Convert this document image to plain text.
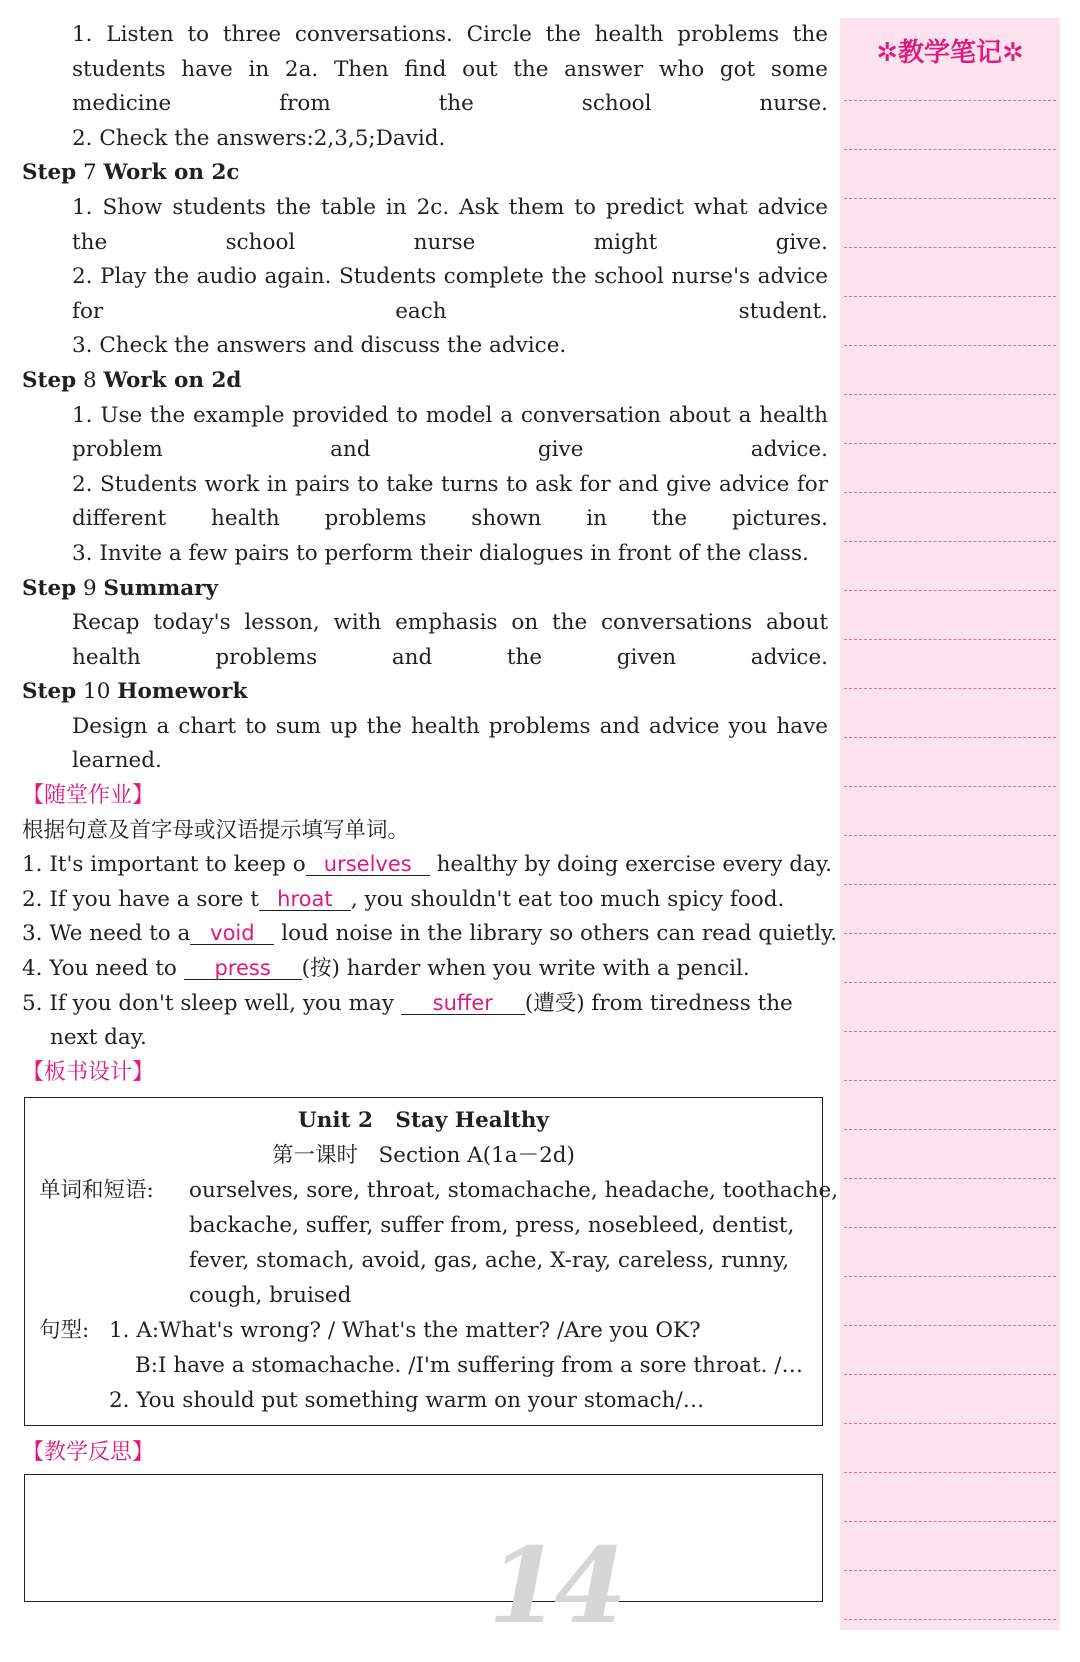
1. Listen to three conversations. Circle the health problems the students have in 2a. Then find out the answer who got some medicine from the school nurse.
2. Check the answers:2,3,5;David.
Step 7 Work on 2c
1. Show students the table in 2c. Ask them to predict what advice the school nurse might give.
2. Play the audio again. Students complete the school nurse's advice for each student.
3. Check the answers and discuss the advice.
Step 8 Work on 2d
1. Use the example provided to model a conversation about a health problem and give advice.
2. Students work in pairs to take turns to ask for and give advice for different health problems shown in the pictures.
3. Invite a few pairs to perform their dialogues in front of the class.
Step 9 Summary
Recap today's lesson, with emphasis on the conversations about health problems and the given advice.
Step 10 Homework
Design a chart to sum up the health problems and advice you have learned.
【随堂作业】
根据句意及首字母或汉语提示填写单词。
1. It's important to keep o urselves healthy by doing exercise every day.
2. If you have a sore t hroat , you shouldn't eat too much spicy food.
3. We need to a void loud noise in the library so others can read quietly.
4. You need to press (按) harder when you write with a pencil.
5. If you don't sleep well, you may suffer (遭受) from tiredness the
next day.
【板书设计】
Unit 2   Stay Healthy
第一课时   Section A(1a－2d)
单词和短语: ourselves, sore, throat, stomachache, headache, toothache,
backache, suffer, suffer from, press, nosebleed, dentist,
fever, stomach, avoid, gas, ache, X-ray, careless, runny,
cough, bruised
句型: 1. A:What's wrong? / What's the matter? /Are you OK?
B:I have a stomachache. /I'm suffering from a sore throat. /…
2. You should put something warm on your stomach/…
【教学反思】
14
✲教学笔记✲
